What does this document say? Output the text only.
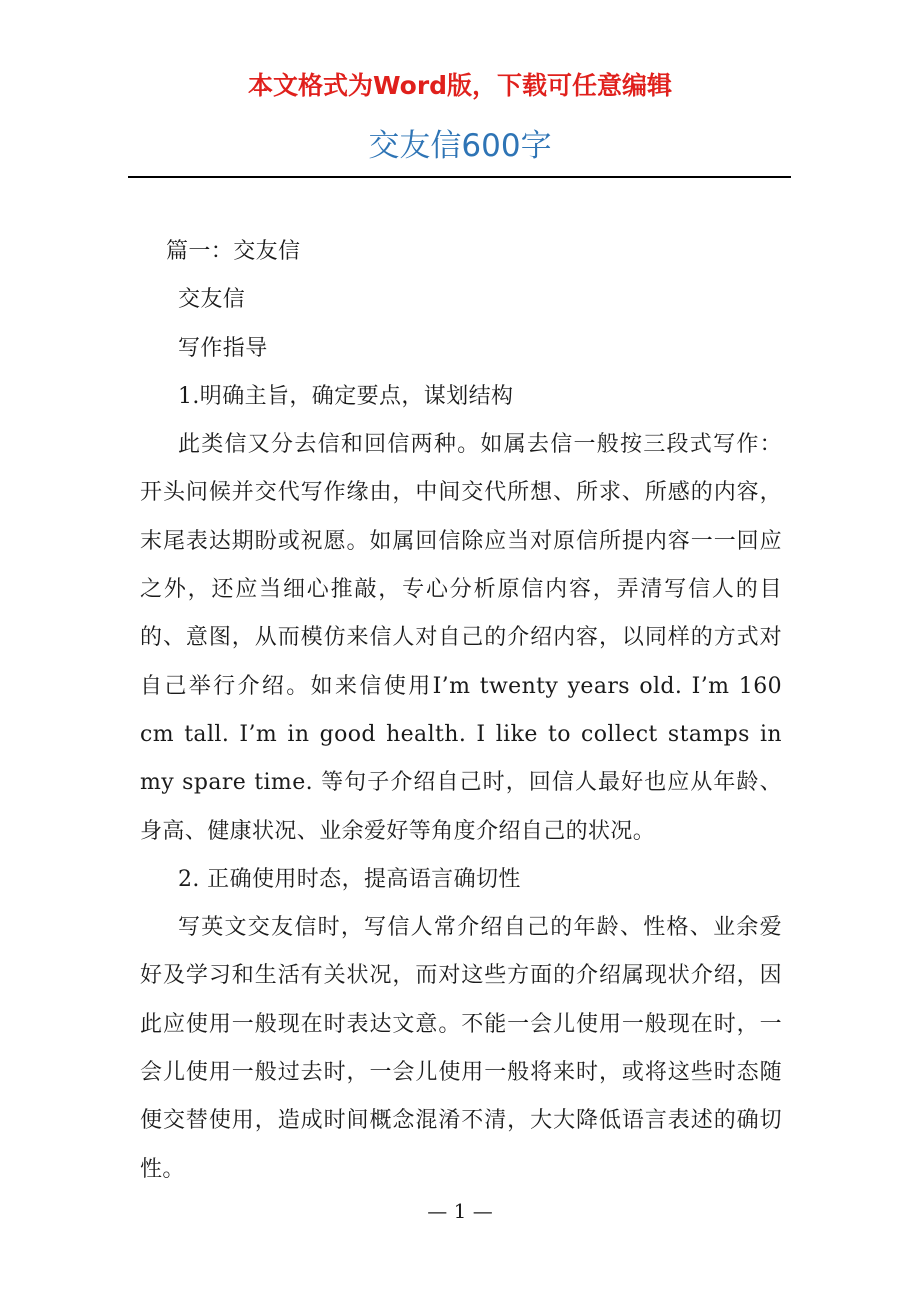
本文格式为Word版，下载可任意编辑
交友信600字

篇一：交友信

交友信

写作指导

1.明确主旨，确定要点，谋划结构

此类信又分去信和回信两种。如属去信一般按三段式写作：开头问候并交代写作缘由，中间交代所想、所求、所感的内容，末尾表达期盼或祝愿。如属回信除应当对原信所提内容一一回应之外，还应当细心推敲，专心分析原信内容，弄清写信人的目的、意图，从而模仿来信人对自己的介绍内容，以同样的方式对自己举行介绍。如来信使用I’m twenty years old. I’m 160 cm tall. I’m in good health. I like to collect stamps in my spare time. 等句子介绍自己时，回信人最好也应从年龄、身高、健康状况、业余爱好等角度介绍自己的状况。

2. 正确使用时态，提高语言确切性

写英文交友信时，写信人常介绍自己的年龄、性格、业余爱好及学习和生活有关状况，而对这些方面的介绍属现状介绍，因此应使用一般现在时表达文意。不能一会儿使用一般现在时，一会儿使用一般过去时，一会儿使用一般将来时，或将这些时态随便交替使用，造成时间概念混淆不清，大大降低语言表述的确切性。

— 1 —
